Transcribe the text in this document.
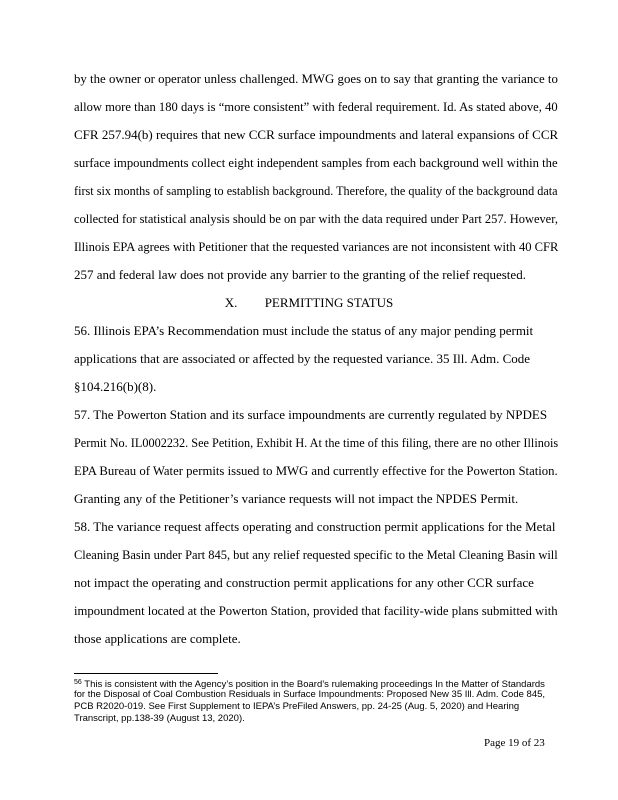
by the owner or operator unless challenged. MWG goes on to say that granting the variance to
allow more than 180 days is “more consistent” with federal requirement. Id. As stated above, 40
CFR 257.94(b) requires that new CCR surface impoundments and lateral expansions of CCR
surface impoundments collect eight independent samples from each background well within the
first six months of sampling to establish background. Therefore, the quality of the background data
collected for statistical analysis should be on par with the data required under Part 257. However,
Illinois EPA agrees with Petitioner that the requested variances are not inconsistent with 40 CFR
257 and federal law does not provide any barrier to the granting of the relief requested.
X. PERMITTING STATUS
56. Illinois EPA’s Recommendation must include the status of any major pending permit
applications that are associated or affected by the requested variance. 35 Ill. Adm. Code
§104.216(b)(8).
57. The Powerton Station and its surface impoundments are currently regulated by NPDES
Permit No. IL0002232. See Petition, Exhibit H. At the time of this filing, there are no other Illinois
EPA Bureau of Water permits issued to MWG and currently effective for the Powerton Station.
Granting any of the Petitioner’s variance requests will not impact the NPDES Permit.
58. The variance request affects operating and construction permit applications for the Metal
Cleaning Basin under Part 845, but any relief requested specific to the Metal Cleaning Basin will
not impact the operating and construction permit applications for any other CCR surface
impoundment located at the Powerton Station, provided that facility-wide plans submitted with
those applications are complete.
$^{56}$ This is consistent with the Agency’s position in the Board’s rulemaking proceedings In the Matter of Standards
for the Disposal of Coal Combustion Residuals in Surface Impoundments: Proposed New 35 Ill. Adm. Code 845,
PCB R2020-019. See First Supplement to IEPA’s PreFiled Answers, pp. 24-25 (Aug. 5, 2020) and Hearing
Transcript, pp.138-39 (August 13, 2020).
Page 19 of 23
